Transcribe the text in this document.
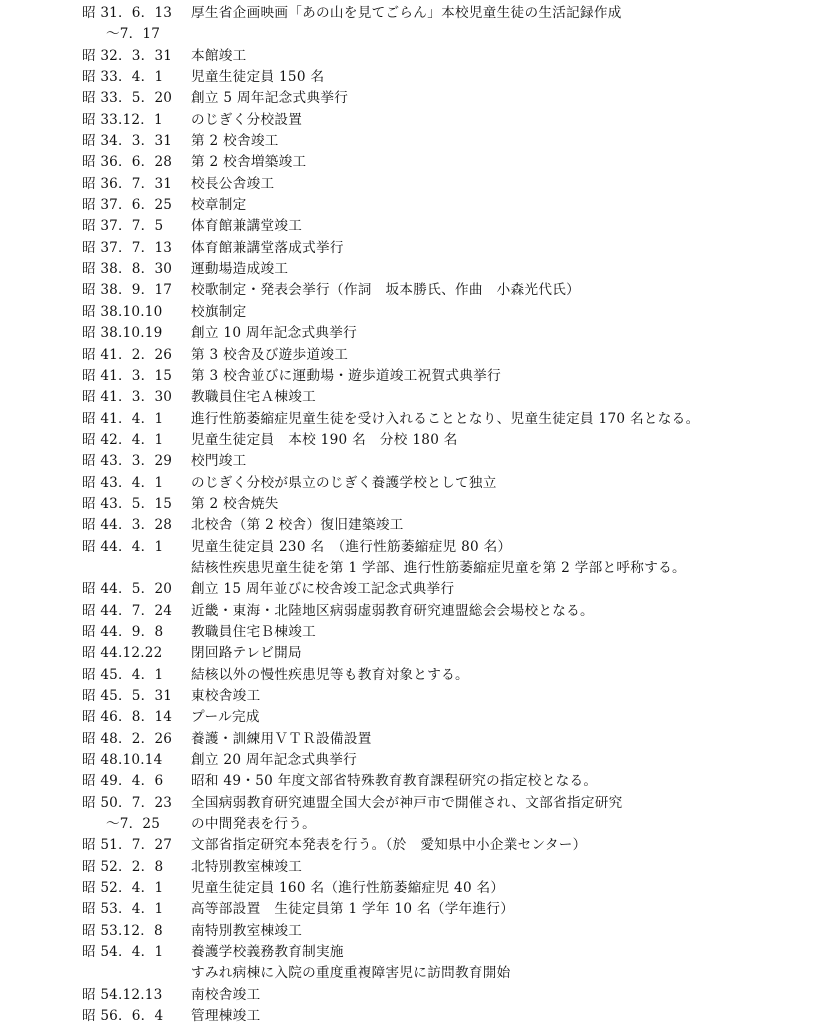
昭 31．6．13	厚生省企画映画「あの山を見てごらん」本校児童生徒の生活記録作成
～7．17
昭 32．3．31	本館竣工
昭 33．4．1	児童生徒定員 150 名
昭 33．5．20	創立 5 周年記念式典挙行
昭 33.12．1	のじぎく分校設置
昭 34．3．31	第 2 校舎竣工
昭 36．6．28	第 2 校舎増築竣工
昭 36．7．31	校長公舎竣工
昭 37．6．25	校章制定
昭 37．7．5	体育館兼講堂竣工
昭 37．7．13	体育館兼講堂落成式挙行
昭 38．8．30	運動場造成竣工
昭 38．9．17	校歌制定・発表会挙行（作詞　坂本勝氏、作曲　小森光代氏）
昭 38.10.10	校旗制定
昭 38.10.19	創立 10 周年記念式典挙行
昭 41．2．26	第 3 校舎及び遊歩道竣工
昭 41．3．15	第 3 校舎並びに運動場・遊歩道竣工祝賀式典挙行
昭 41．3．30	教職員住宅Ａ棟竣工
昭 41．4．1	進行性筋萎縮症児童生徒を受け入れることとなり、児童生徒定員 170 名となる。
昭 42．4．1	児童生徒定員　本校 190 名　分校 180 名
昭 43．3．29	校門竣工
昭 43．4．1	のじぎく分校が県立のじぎく養護学校として独立
昭 43．5．15	第 2 校舎焼失
昭 44．3．28	北校舎（第 2 校舎）復旧建築竣工
昭 44．4．1	児童生徒定員 230 名　（進行性筋萎縮症児 80 名）
結核性疾患児童生徒を第 1 学部、進行性筋萎縮症児童を第 2 学部と呼称する。
昭 44．5．20	創立 15 周年並びに校舎竣工記念式典挙行
昭 44．7．24	近畿・東海・北陸地区病弱虚弱教育研究連盟総会会場校となる。
昭 44．9．8	教職員住宅Ｂ棟竣工
昭 44.12.22	閉回路テレビ開局
昭 45．4．1	結核以外の慢性疾患児等も教育対象とする。
昭 45．5．31	東校舎竣工
昭 46．8．14	プール完成
昭 48．2．26	養護・訓練用ＶＴＲ設備設置
昭 48.10.14	創立 20 周年記念式典挙行
昭 49．4．6	昭和 49・50 年度文部省特殊教育教育課程研究の指定校となる。
昭 50．7．23	全国病弱教育研究連盟全国大会が神戸市で開催され、文部省指定研究
～7．25	の中間発表を行う。
昭 51．7．27	文部省指定研究本発表を行う。（於　愛知県中小企業センター）
昭 52．2．8	北特別教室棟竣工
昭 52．4．1	児童生徒定員 160 名（進行性筋萎縮症児 40 名）
昭 53．4．1	高等部設置　生徒定員第 1 学年 10 名（学年進行）
昭 53.12．8	南特別教室棟竣工
昭 54．4．1	養護学校義務教育制実施
すみれ病棟に入院の重度重複障害児に訪問教育開始
昭 54.12.13	南校舎竣工
昭 56．6．4	管理棟竣工
